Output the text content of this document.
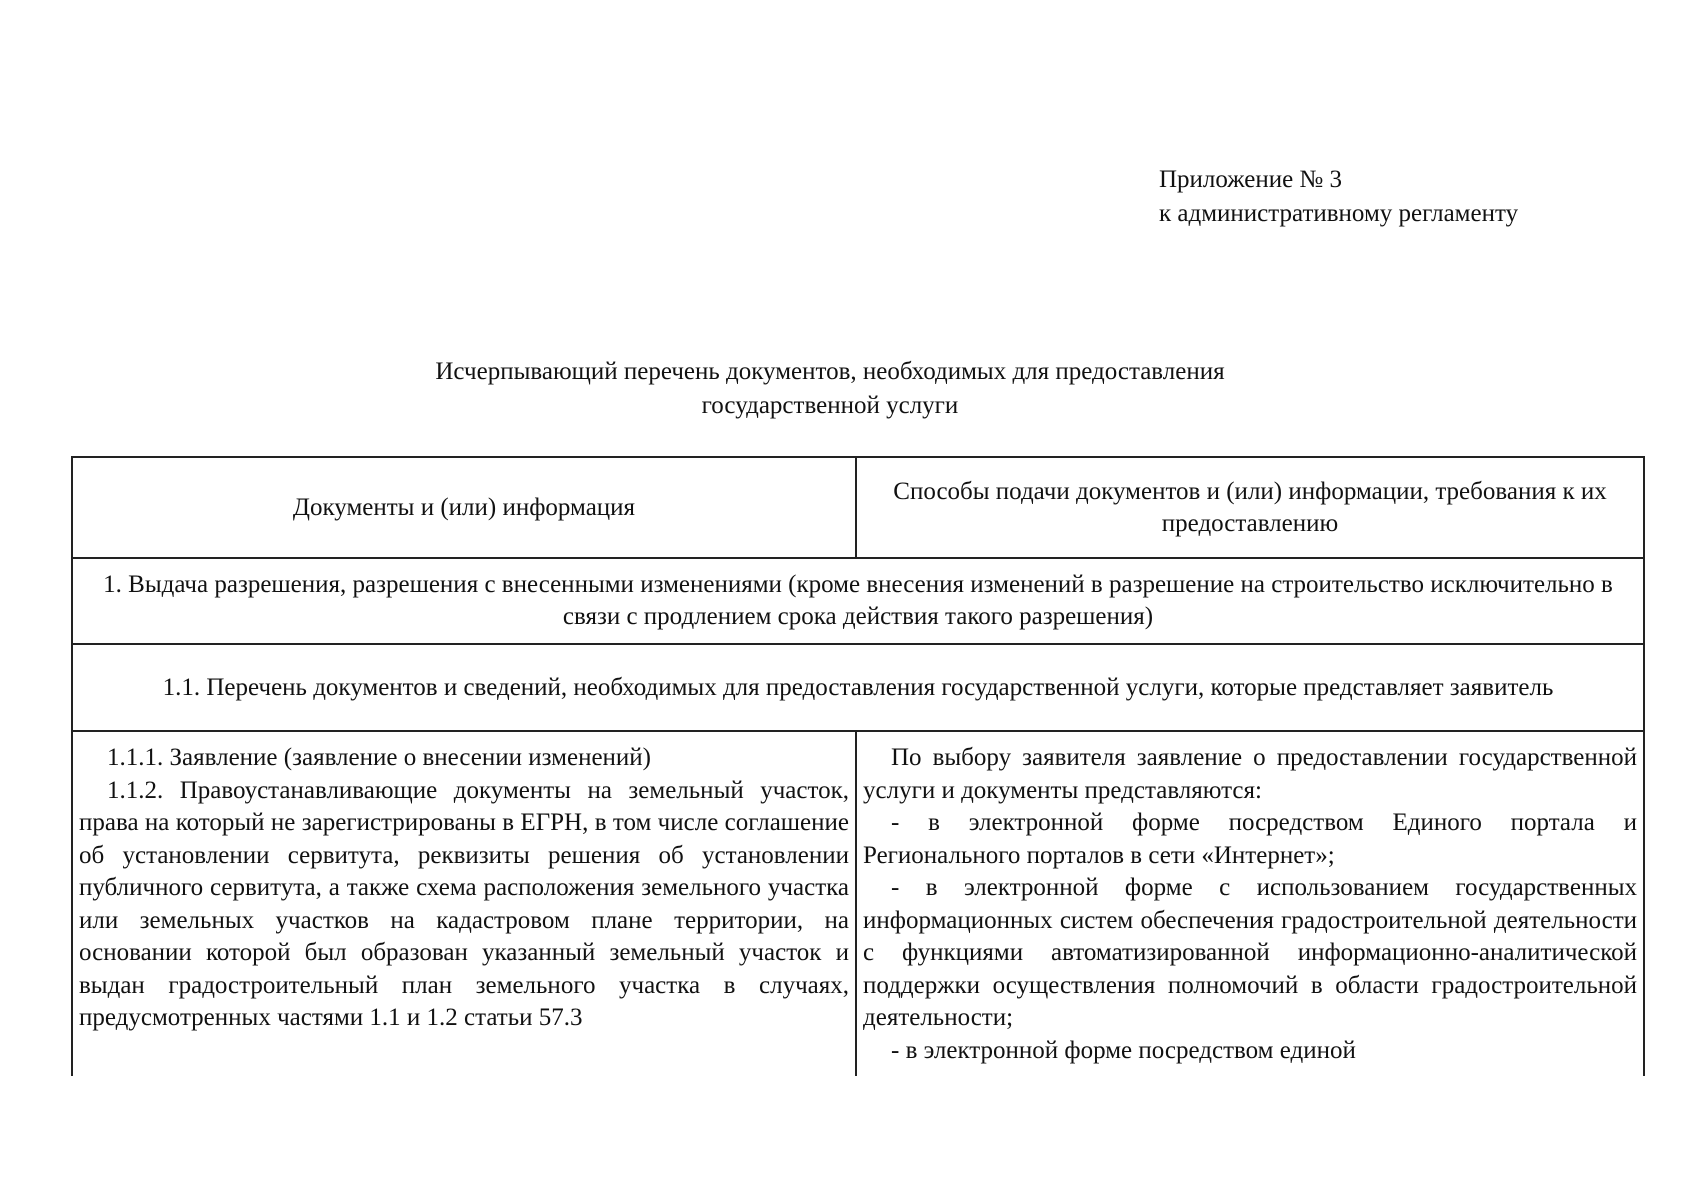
Приложение № 3
к административному регламенту
Исчерпывающий перечень документов, необходимых для предоставления
государственной услуги
Документы и (или) информация
Способы подачи документов и (или) информации, требования к их предоставлению
1. Выдача разрешения, разрешения с внесенными изменениями (кроме внесения изменений в разрешение на строительство исключительно в связи с продлением срока действия такого разрешения)
1.1. Перечень документов и сведений, необходимых для предоставления государственной услуги, которые представляет заявитель

1.1.1. Заявление (заявление о внесении изменений)

1.1.2. Правоустанавливающие документы на земельный участок, права на который не зарегистрированы в ЕГРН, в том числе соглашение об установлении сервитута, реквизиты решения об установлении публичного сервитута, а также схема расположения земельного участка или земельных участков на кадастровом плане территории, на основании которой был образован указанный земельный участок и выдан градостроительный план земельного участка в случаях, предусмотренных частями 1.1 и 1.2 статьи 57.3

По выбору заявителя заявление о предоставлении государственной услуги и документы представляются:

- в электронной форме посредством Единого портала и Регионального порталов в сети «Интернет»;

- в электронной форме с использованием государственных информационных систем обеспечения градостроительной деятельности с функциями автоматизированной информационно-аналитической поддержки осуществления полномочий в области градостроительной деятельности;

- в электронной форме посредством единой
